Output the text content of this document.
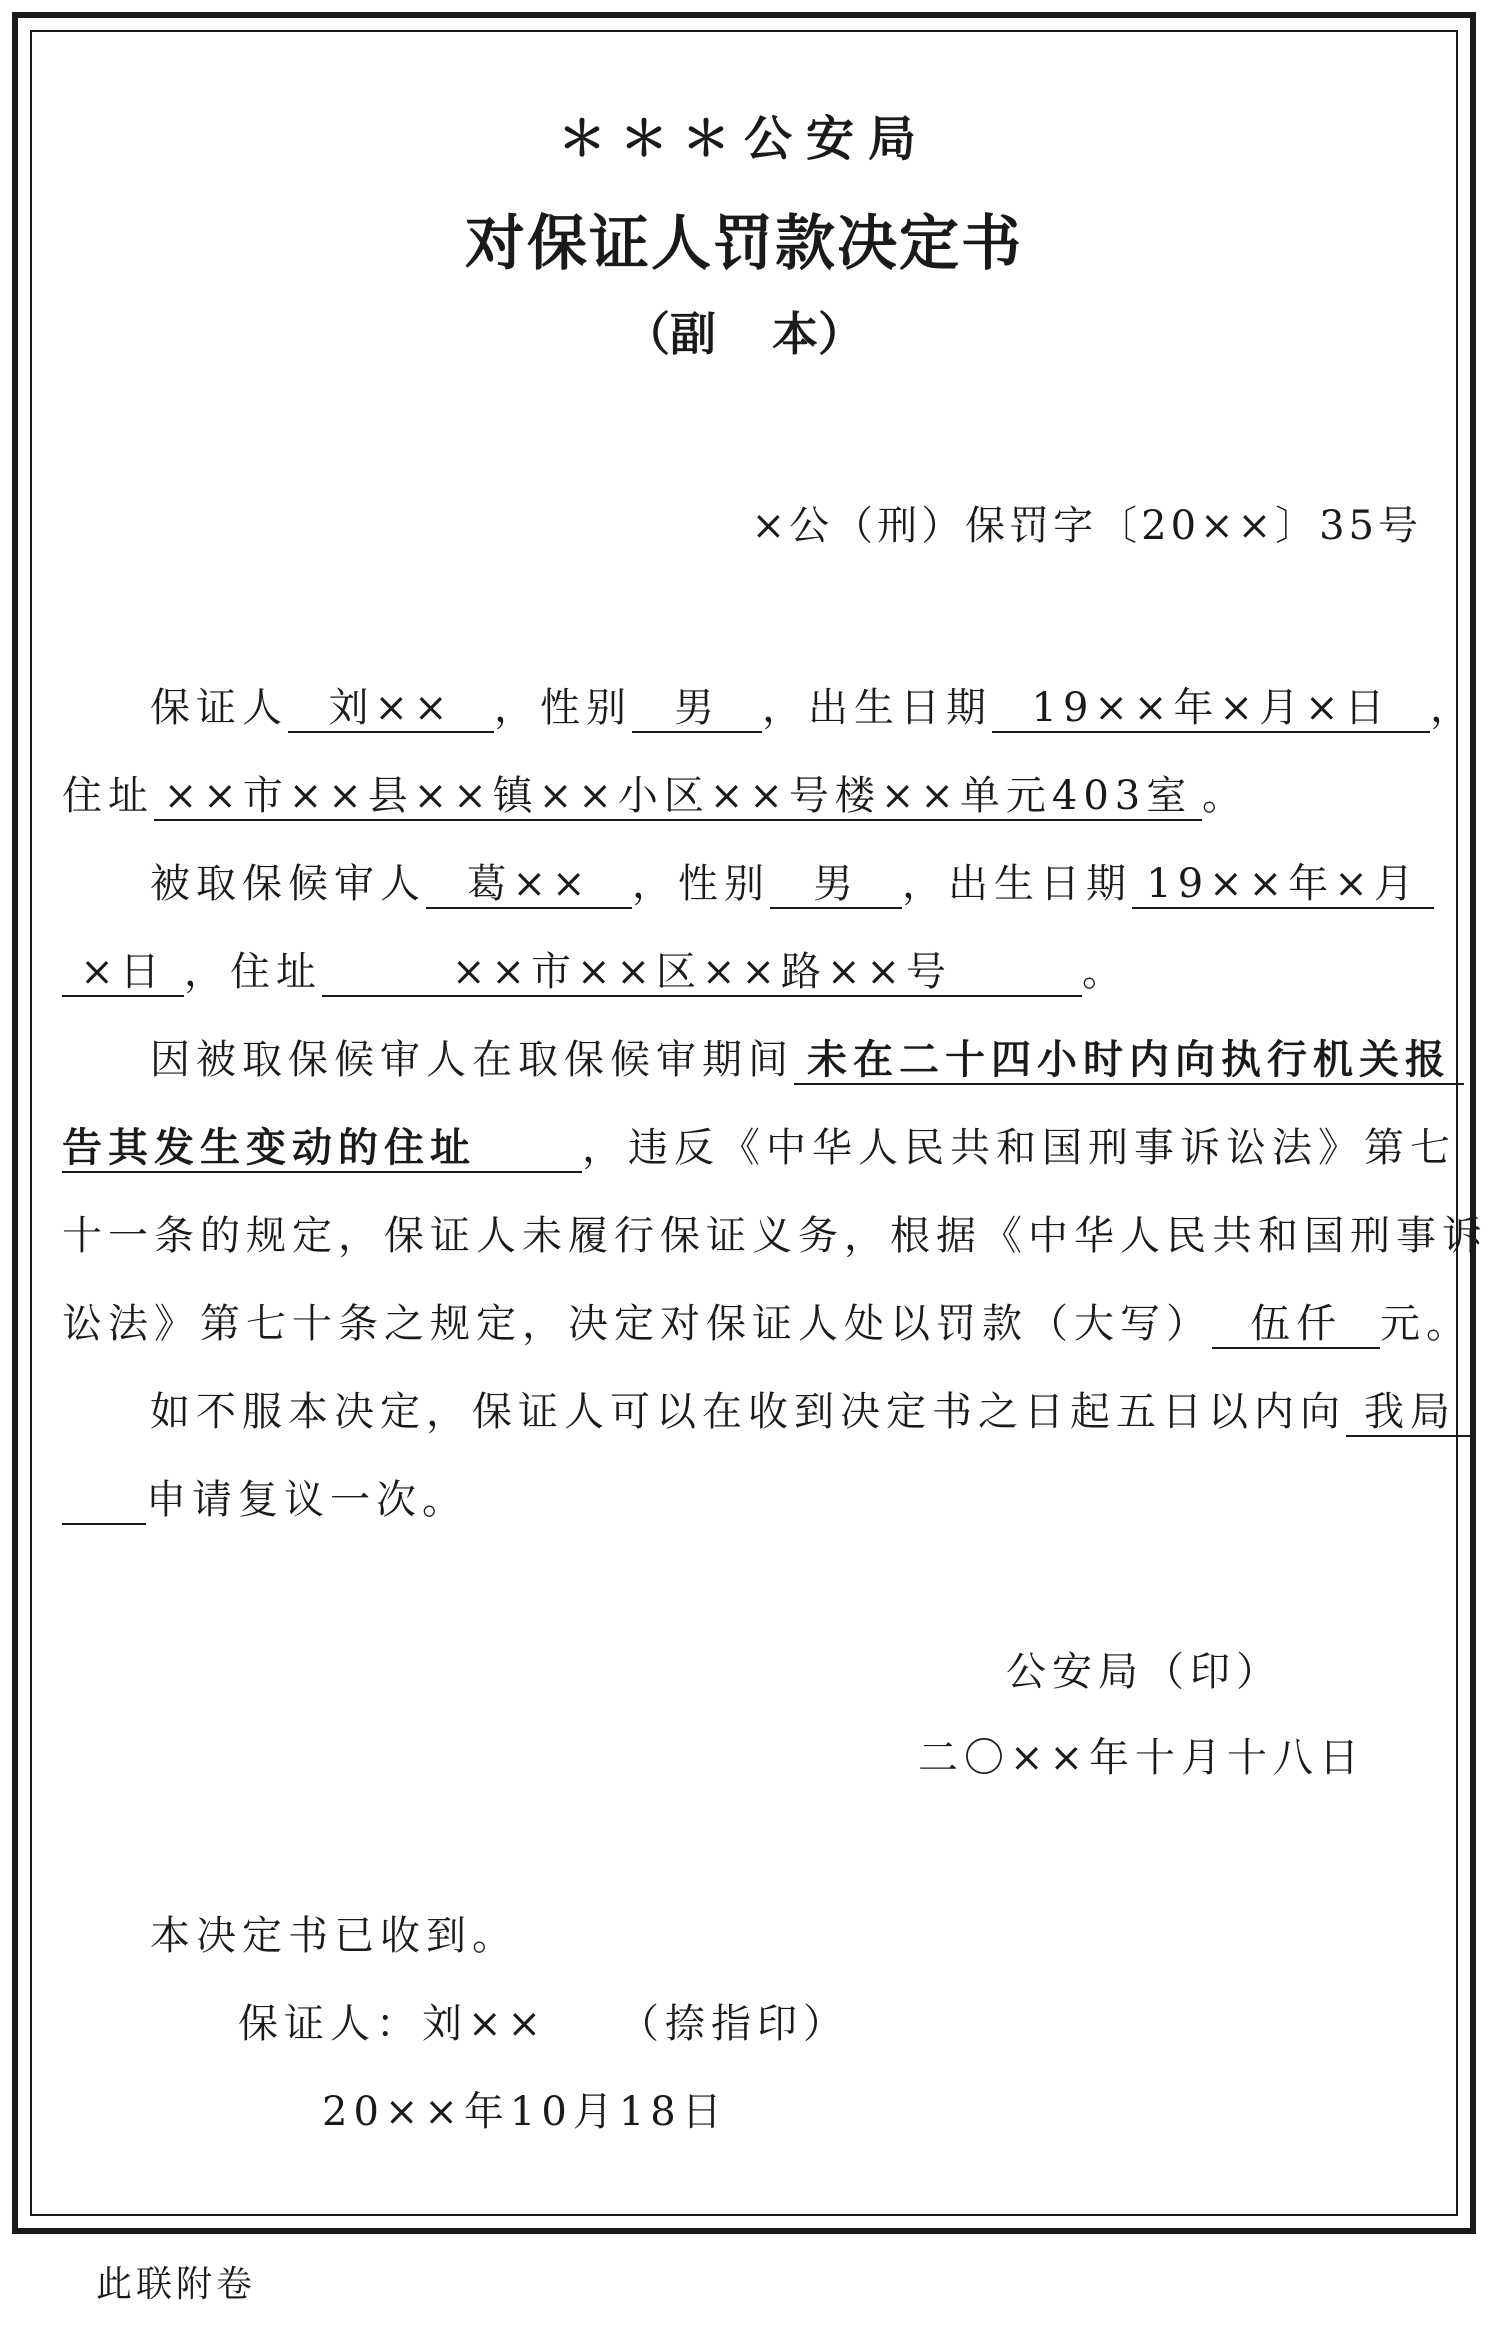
＊＊＊公安局
对保证人罚款决定书
（副 本）
×公（刑）保罚字〔20××〕35号
保证人 刘×× ，性别 男 ，出生日期 19××年×月×日 ，
住址 ××市××县××镇××小区××号楼××单元403室 。
被取保候审人 葛×× ，性别 男 ，出生日期 19××年×月
×日 ，住址	××市××区××路××号	。
因被取保候审人在取保候审期间 未在二十四小时内向执行机关报
告其发生变动的住址	，违反《中华人民共和国刑事诉讼法》第七
十一条的规定，保证人未履行保证义务，根据《中华人民共和国刑事诉
讼法》第七十条之规定，决定对保证人处以罚款（大写） 伍仟 元。
如不服本决定，保证人可以在收到决定书之日起五日以内向 我局
申请复议一次。
公安局（印）
二〇××年十月十八日
本决定书已收到。
保证人：刘×× （捺指印）
20××年10月18日
此联附卷
